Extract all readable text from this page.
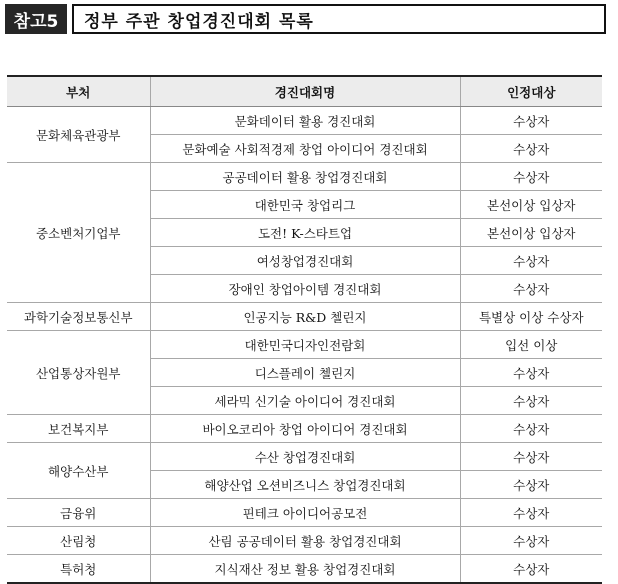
참고5	정부 주관 창업경진대회 목록
부처	경진대회명	인정대상
문화체육관광부	문화데이터 활용 경진대회	수상자
	문화예술 사회적경제 창업 아이디어 경진대회	수상자
중소벤처기업부	공공데이터 활용 창업경진대회	수상자
	대한민국 창업리그	본선이상 입상자
	도전! K-스타트업	본선이상 입상자
	여성창업경진대회	수상자
	장애인 창업아이템 경진대회	수상자
과학기술정보통신부	인공지능 R&D 첼린지	특별상 이상 수상자
산업통상자원부	대한민국디자인전람회	입선 이상
	디스플레이 첼린지	수상자
	세라믹 신기술 아이디어 경진대회	수상자
보건복지부	바이오코리아 창업 아이디어 경진대회	수상자
해양수산부	수산 창업경진대회	수상자
	해양산업 오션비즈니스 창업경진대회	수상자
금융위	핀테크 아이디어공모전	수상자
산림청	산림 공공데이터 활용 창업경진대회	수상자
특허청	지식재산 정보 활용 창업경진대회	수상자
